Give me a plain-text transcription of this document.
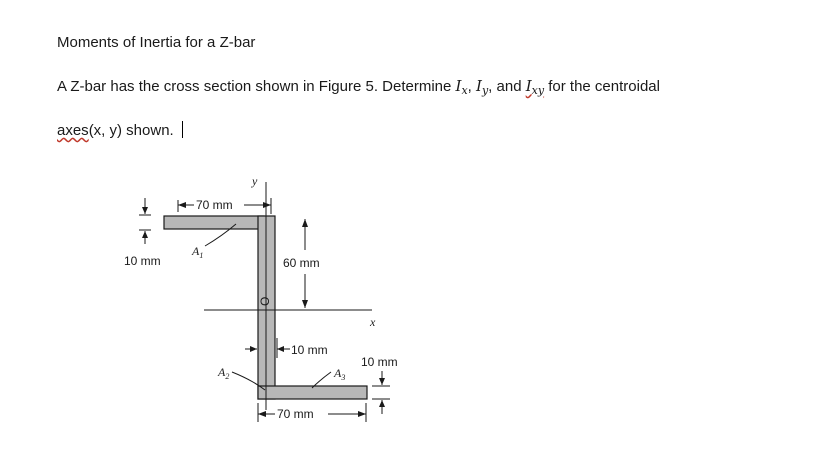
Moments of Inertia for a Z-bar
A Z-bar has the cross section shown in Figure 5. Determine $I_x$, $I_y$, and $I_{xy}$ for the centroidal
axes(x, y) shown.
y
x
O
70 mm
10 mm
$A_1$
60 mm
10 mm
$A_2$	$A_3$
10 mm
70 mm
